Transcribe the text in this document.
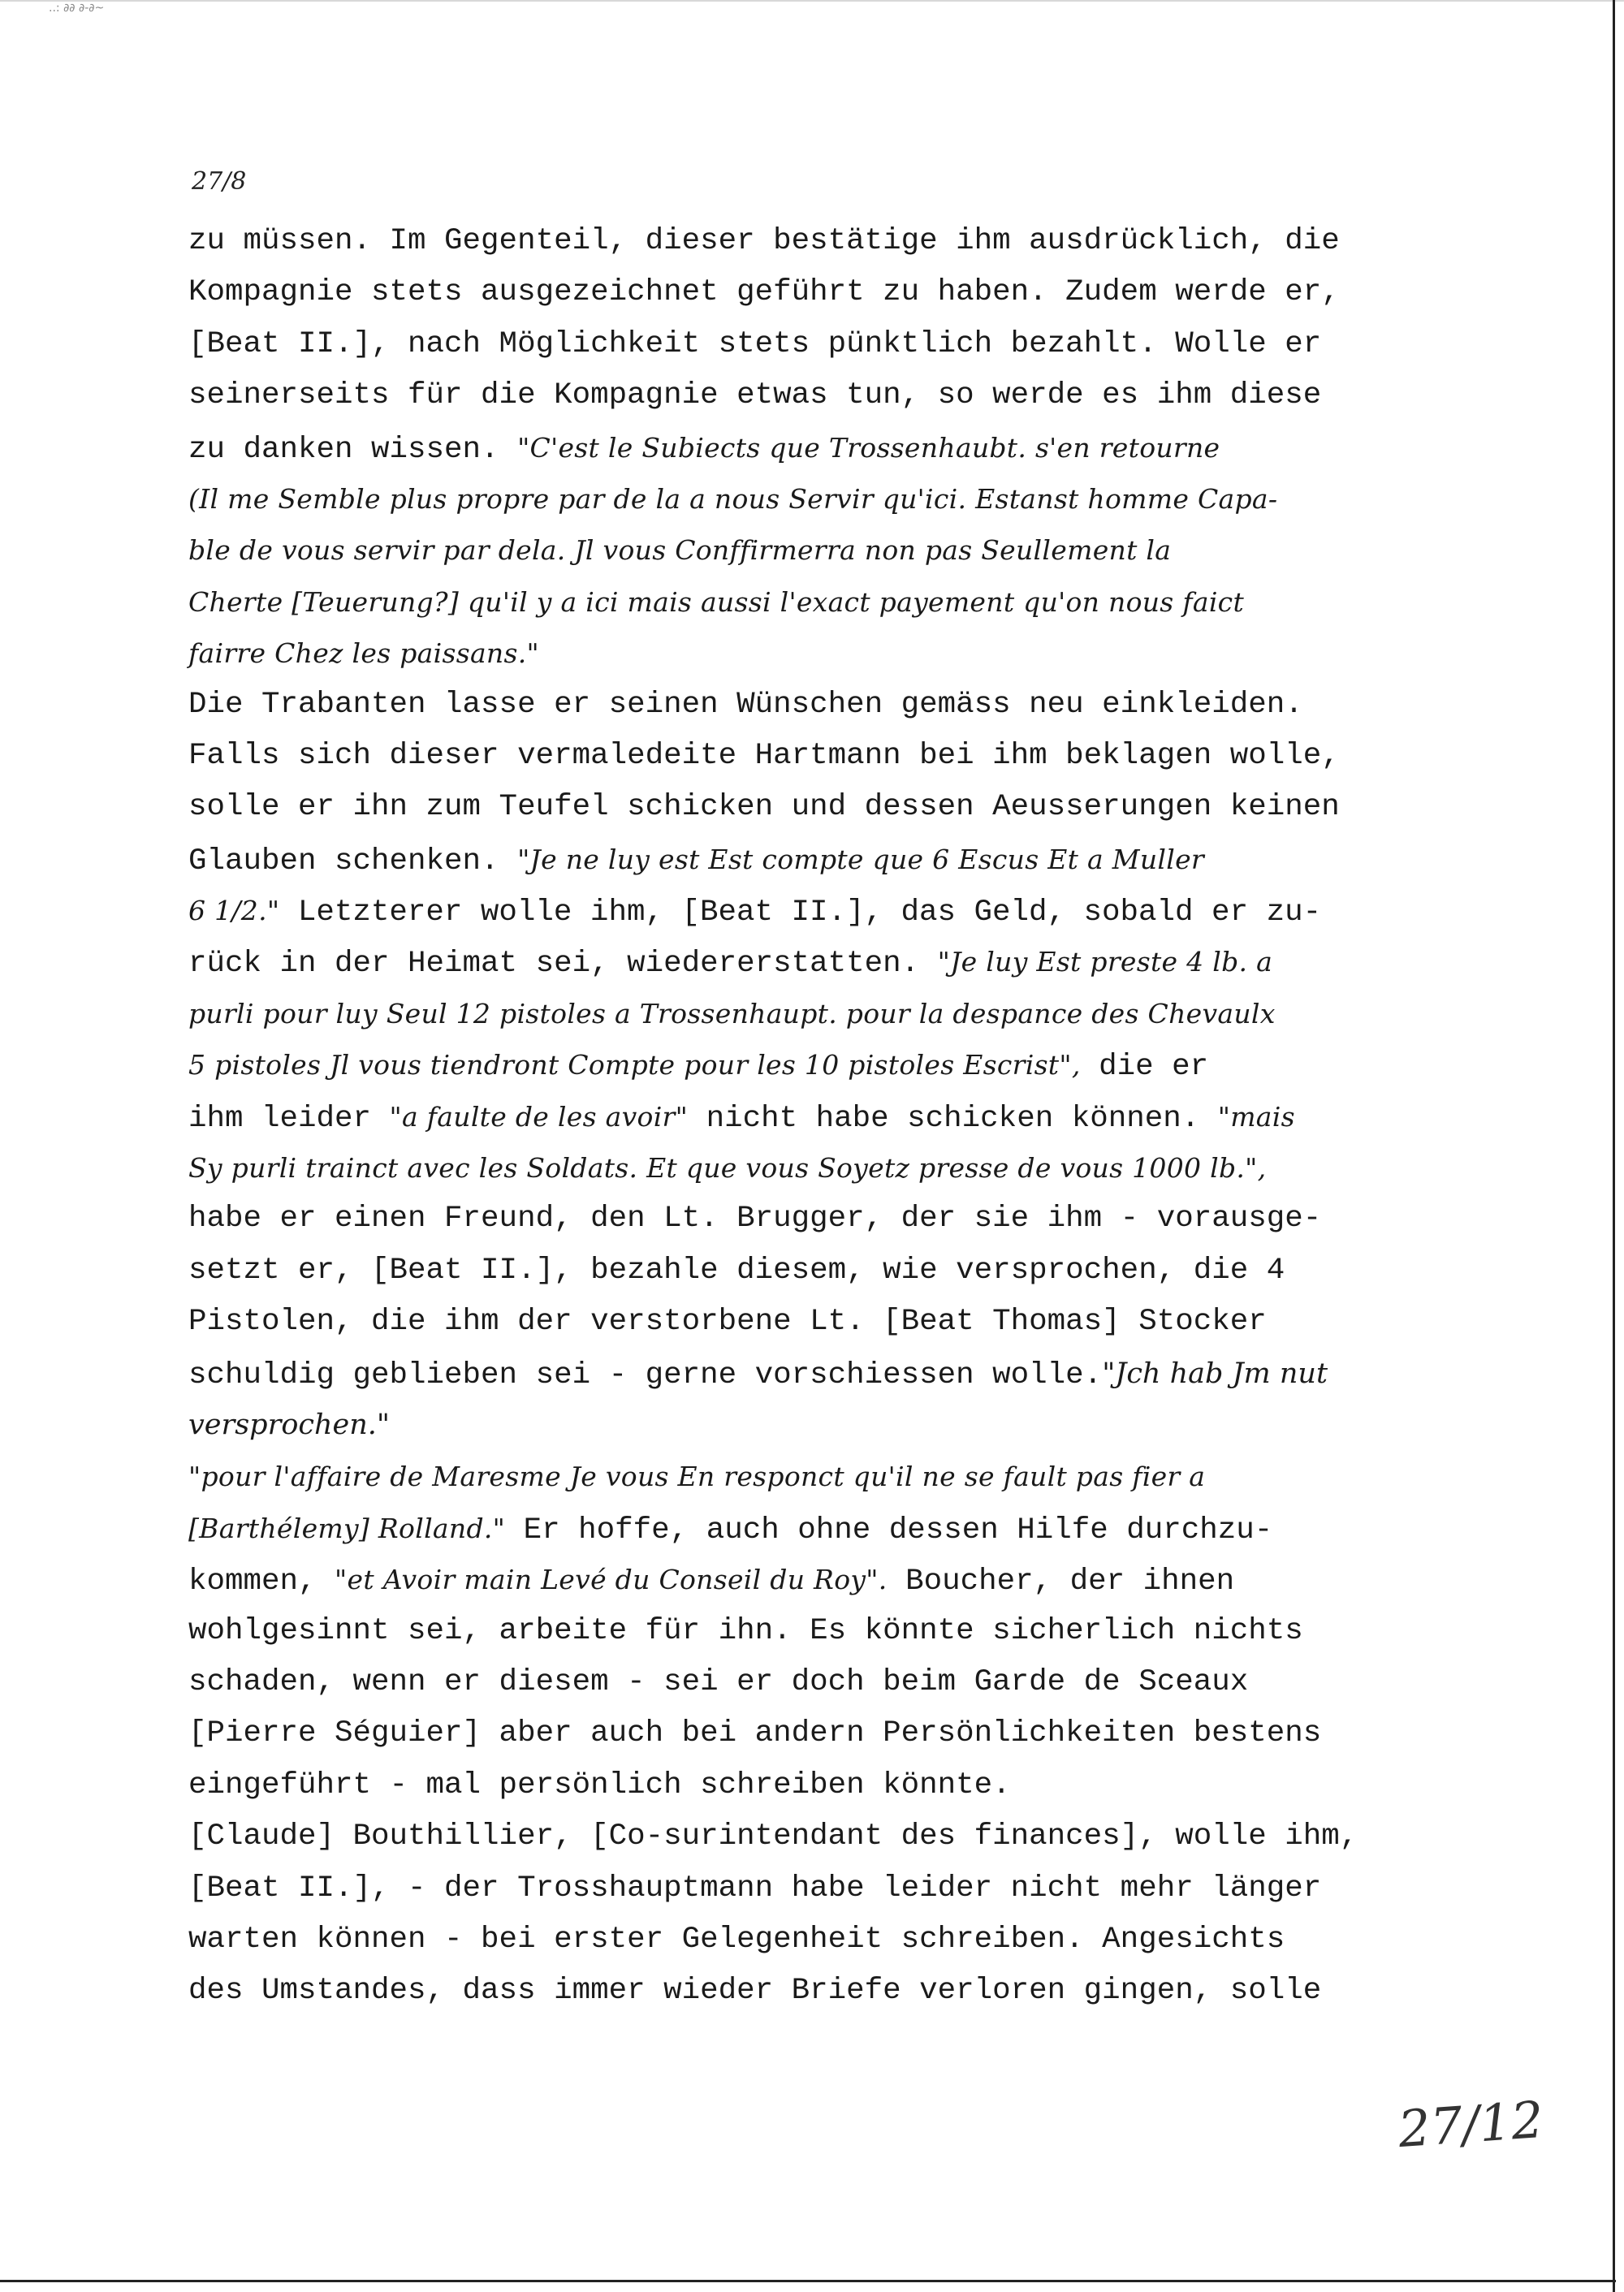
..: ∂∂ ∂-∂~
27/8
zu müssen. Im Gegenteil, dieser bestätige ihm ausdrücklich, die
Kompagnie stets ausgezeichnet geführt zu haben. Zudem werde er,
[Beat II.], nach Möglichkeit stets pünktlich bezahlt. Wolle er
seinerseits für die Kompagnie etwas tun, so werde es ihm diese
zu danken wissen. "C'est le Subiects que Trossenhaubt. s'en retourne
(Il me Semble plus propre par de la a nous Servir qu'ici. Estanst homme Capa-
ble de vous servir par dela. Jl vous Conffirmerra non pas Seullement la
Cherte [Teuerung?] qu'il y a ici mais aussi l'exact payement qu'on nous faict
fairre Chez les paissans."
Die Trabanten lasse er seinen Wünschen gemäss neu einkleiden.
Falls sich dieser vermaledeite Hartmann bei ihm beklagen wolle,
solle er ihn zum Teufel schicken und dessen Aeusserungen keinen
Glauben schenken. "Je ne luy est Est compte que 6 Escus Et a Muller
6 1/2." Letzterer wolle ihm, [Beat II.], das Geld, sobald er zu-
rück in der Heimat sei, wiedererstatten. "Je luy Est preste 4 lb. a
purli pour luy Seul 12 pistoles a Trossenhaupt. pour la despance des Chevaulx
5 pistoles Jl vous tiendront Compte pour les 10 pistoles Escrist", die er
ihm leider "a faulte de les avoir" nicht habe schicken können. "mais
Sy purli trainct avec les Soldats. Et que vous Soyetz presse de vous 1000 lb.",
habe er einen Freund, den Lt. Brugger, der sie ihm - vorausge-
setzt er, [Beat II.], bezahle diesem, wie versprochen, die 4
Pistolen, die ihm der verstorbene Lt. [Beat Thomas] Stocker
schuldig geblieben sei - gerne vorschiessen wolle."Jch hab Jm nut
versprochen."
"pour l'affaire de Maresme Je vous En responct qu'il ne se fault pas fier a
[Barthélemy] Rolland." Er hoffe, auch ohne dessen Hilfe durchzu-
kommen, "et Avoir main Levé du Conseil du Roy". Boucher, der ihnen
wohlgesinnt sei, arbeite für ihn. Es könnte sicherlich nichts
schaden, wenn er diesem - sei er doch beim Garde de Sceaux
[Pierre Séguier] aber auch bei andern Persönlichkeiten bestens
eingeführt - mal persönlich schreiben könnte.
[Claude] Bouthillier, [Co-surintendant des finances], wolle ihm,
[Beat II.], - der Trosshauptmann habe leider nicht mehr länger
warten können - bei erster Gelegenheit schreiben. Angesichts
des Umstandes, dass immer wieder Briefe verloren gingen, solle
27/12
